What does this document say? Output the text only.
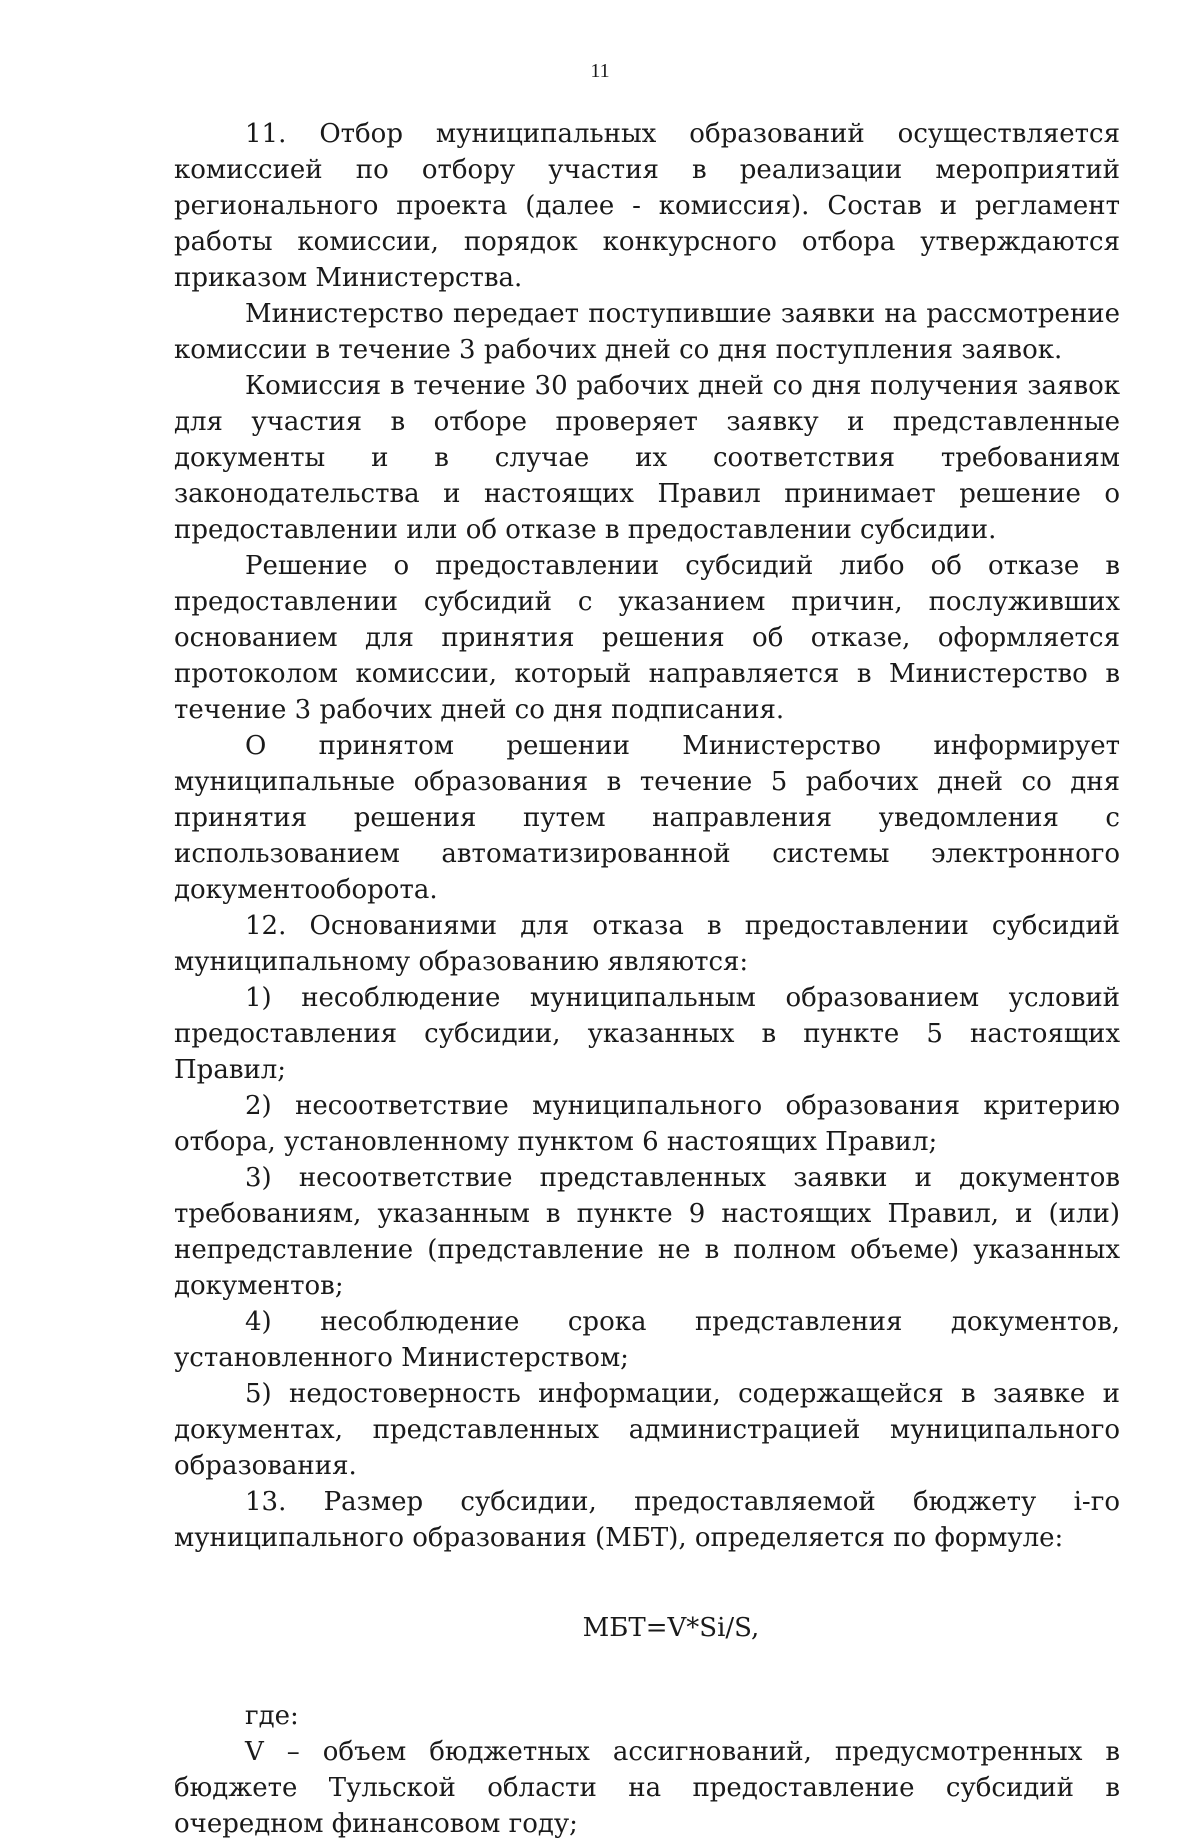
11

11. Отбор муниципальных образований осуществляется комиссией по отбору участия в реализации мероприятий регионального проекта (далее - комиссия). Состав и регламент работы комиссии, порядок конкурсного отбора утверждаются приказом Министерства.

Министерство передает поступившие заявки на рассмотрение комиссии в течение 3 рабочих дней со дня поступления заявок.

Комиссия в течение 30 рабочих дней со дня получения заявок для участия в отборе проверяет заявку и представленные документы и в случае их соответствия требованиям законодательства и настоящих Правил принимает решение о предоставлении или об отказе в предоставлении субсидии.

Решение о предоставлении субсидий либо об отказе в предоставлении субсидий с указанием причин, послуживших основанием для принятия решения об отказе, оформляется протоколом комиссии, который направляется в Министерство в течение 3 рабочих дней со дня подписания.

О принятом решении Министерство информирует муниципальные образования в течение 5 рабочих дней со дня принятия решения путем направления уведомления с использованием автоматизированной системы электронного документооборота.

12. Основаниями для отказа в предоставлении субсидий муниципальному образованию являются:

1) несоблюдение муниципальным образованием условий предоставления субсидии, указанных в пункте 5 настоящих Правил;

2) несоответствие муниципального образования критерию отбора, установленному пунктом 6 настоящих Правил;

3) несоответствие представленных заявки и документов требованиям, указанным в пункте 9 настоящих Правил, и (или) непредставление (представление не в полном объеме) указанных документов;

4) несоблюдение срока представления документов, установленного Министерством;

5) недостоверность информации, содержащейся в заявке и документах, представленных администрацией муниципального образования.

13. Размер субсидии, предоставляемой бюджету i-го муниципального образования (МБТ), определяется по формуле:

МБТ=V*Si/S,

где:

V – объем бюджетных ассигнований, предусмотренных в бюджете Тульской области на предоставление субсидий в очередном финансовом году;
